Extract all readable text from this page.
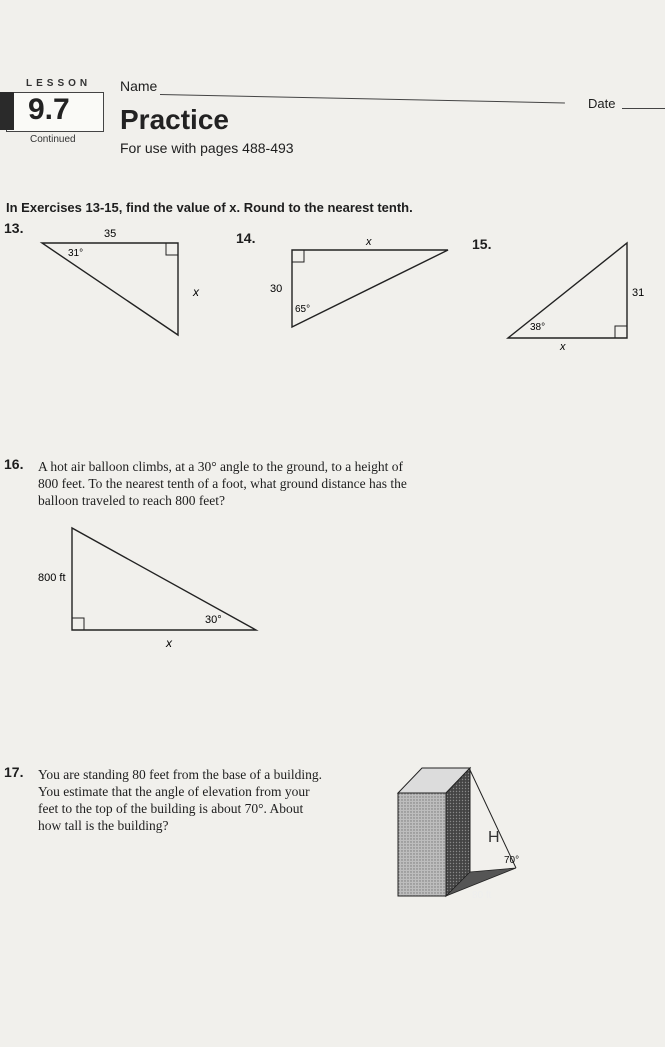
LESSON
9.7
Continued
Name
Date
Practice
For use with pages 488-493
In Exercises 13-15, find the value of x. Round to the nearest tenth.
13.
14.	15.
35
31°
x
x
30
65°
31
38°
x
16. A hot air balloon climbs, at a 30° angle to the ground, to a height of
800 feet. To the nearest tenth of a foot, what ground distance has the
balloon traveled to reach 800 feet?
800 ft
30°
x
17. You are standing 80 feet from the base of a building.
You estimate that the angle of elevation from your
feet to the top of the building is about 70°. About
how tall is the building?
70°
80 ft
H
